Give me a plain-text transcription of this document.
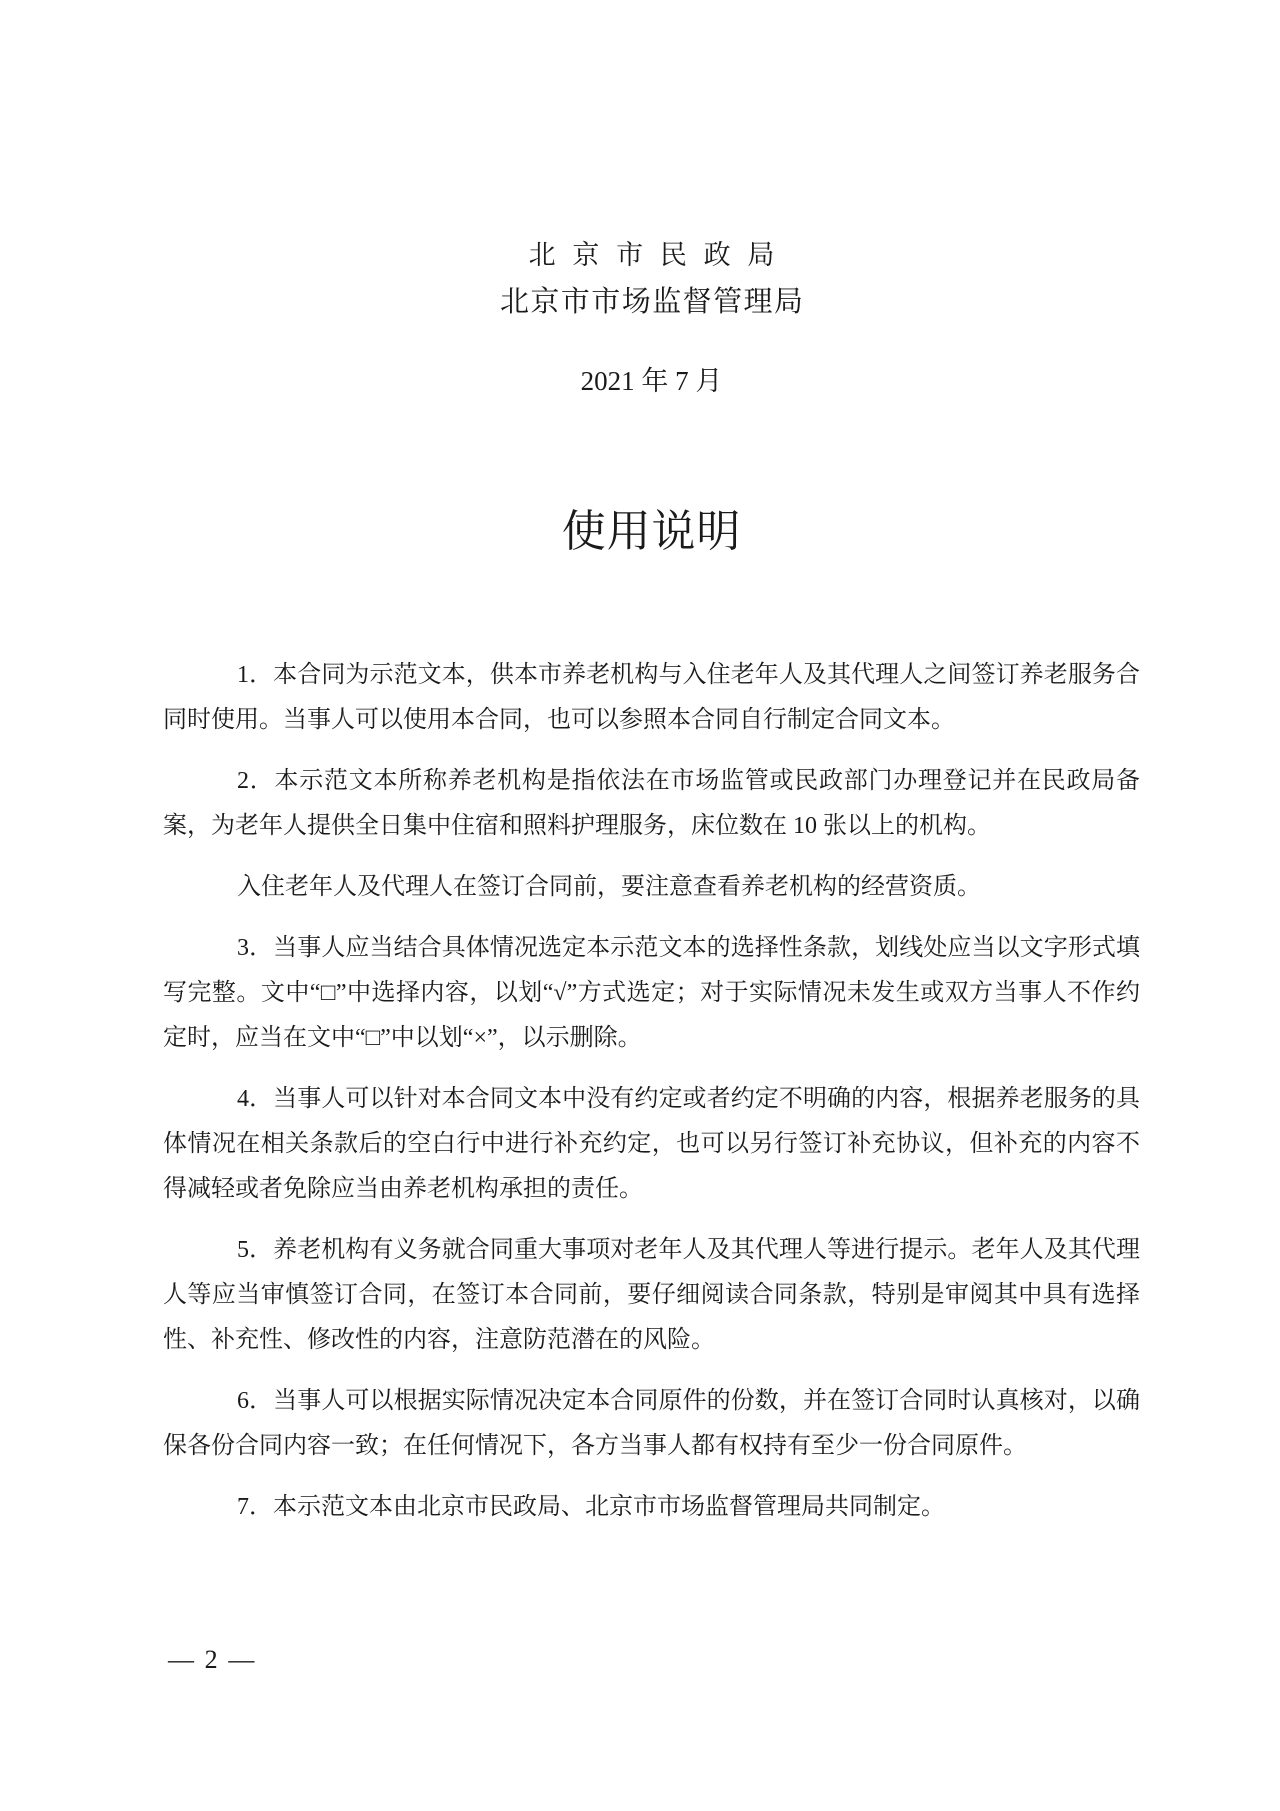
北京市民政局
北京市市场监督管理局
2021 年 7 月
使用说明

1．本合同为示范文本，供本市养老机构与入住老年人及其代理人之间签订养老服务合同时使用。当事人可以使用本合同，也可以参照本合同自行制定合同文本。

2．本示范文本所称养老机构是指依法在市场监管或民政部门办理登记并在民政局备案，为老年人提供全日集中住宿和照料护理服务，床位数在 10 张以上的机构。

入住老年人及代理人在签订合同前，要注意查看养老机构的经营资质。

3．当事人应当结合具体情况选定本示范文本的选择性条款，划线处应当以文字形式填写完整。文中“□”中选择内容，以划“√”方式选定；对于实际情况未发生或双方当事人不作约定时，应当在文中“□”中以划“×”，以示删除。

4．当事人可以针对本合同文本中没有约定或者约定不明确的内容，根据养老服务的具体情况在相关条款后的空白行中进行补充约定，也可以另行签订补充协议，但补充的内容不得减轻或者免除应当由养老机构承担的责任。

5．养老机构有义务就合同重大事项对老年人及其代理人等进行提示。老年人及其代理人等应当审慎签订合同，在签订本合同前，要仔细阅读合同条款，特别是审阅其中具有选择性、补充性、修改性的内容，注意防范潜在的风险。

6．当事人可以根据实际情况决定本合同原件的份数，并在签订合同时认真核对，以确保各份合同内容一致；在任何情况下，各方当事人都有权持有至少一份合同原件。

7．本示范文本由北京市民政局、北京市市场监督管理局共同制定。

— 2 —
